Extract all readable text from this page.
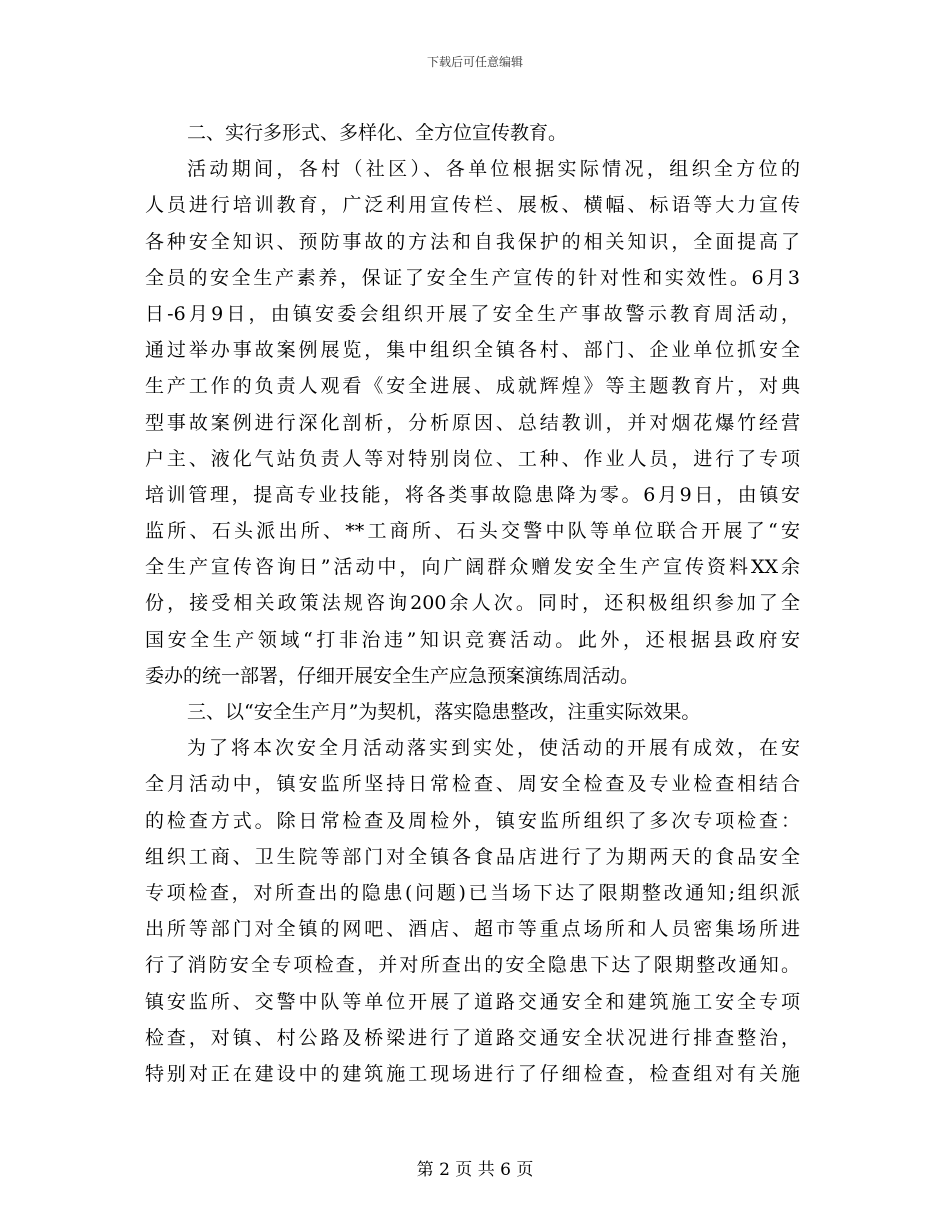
下载后可任意编辑
二、实行多形式、多样化、全方位宣传教育。
活动期间，各村（社区）、各单位根据实际情况，组织全方位的
人员进行培训教育，广泛利用宣传栏、展板、横幅、标语等大力宣传
各种安全知识、预防事故的方法和自我保护的相关知识，全面提高了
全员的安全生产素养，保证了安全生产宣传的针对性和实效性。6月3
日-6月9日，由镇安委会组织开展了安全生产事故警示教育周活动，
通过举办事故案例展览，集中组织全镇各村、部门、企业单位抓安全
生产工作的负责人观看《安全进展、成就辉煌》等主题教育片，对典
型事故案例进行深化剖析，分析原因、总结教训，并对烟花爆竹经营
户主、液化气站负责人等对特别岗位、工种、作业人员，进行了专项
培训管理，提高专业技能，将各类事故隐患降为零。6月9日，由镇安
监所、石头派出所、**工商所、石头交警中队等单位联合开展了“安
全生产宣传咨询日”活动中，向广阔群众赠发安全生产宣传资料XX余
份，接受相关政策法规咨询200余人次。同时，还积极组织参加了全
国安全生产领域“打非治违”知识竞赛活动。此外，还根据县政府安
委办的统一部署，仔细开展安全生产应急预案演练周活动。
三、以“安全生产月”为契机，落实隐患整改，注重实际效果。
为了将本次安全月活动落实到实处，使活动的开展有成效，在安
全月活动中，镇安监所坚持日常检查、周安全检查及专业检查相结合
的检查方式。除日常检查及周检外，镇安监所组织了多次专项检查：
组织工商、卫生院等部门对全镇各食品店进行了为期两天的食品安全
专项检查，对所查出的隐患(问题)已当场下达了限期整改通知;组织派
出所等部门对全镇的网吧、酒店、超市等重点场所和人员密集场所进
行了消防安全专项检查，并对所查出的安全隐患下达了限期整改通知。
镇安监所、交警中队等单位开展了道路交通安全和建筑施工安全专项
检查，对镇、村公路及桥梁进行了道路交通安全状况进行排查整治，
特别对正在建设中的建筑施工现场进行了仔细检查，检查组对有关施
第 2 页 共 6 页
